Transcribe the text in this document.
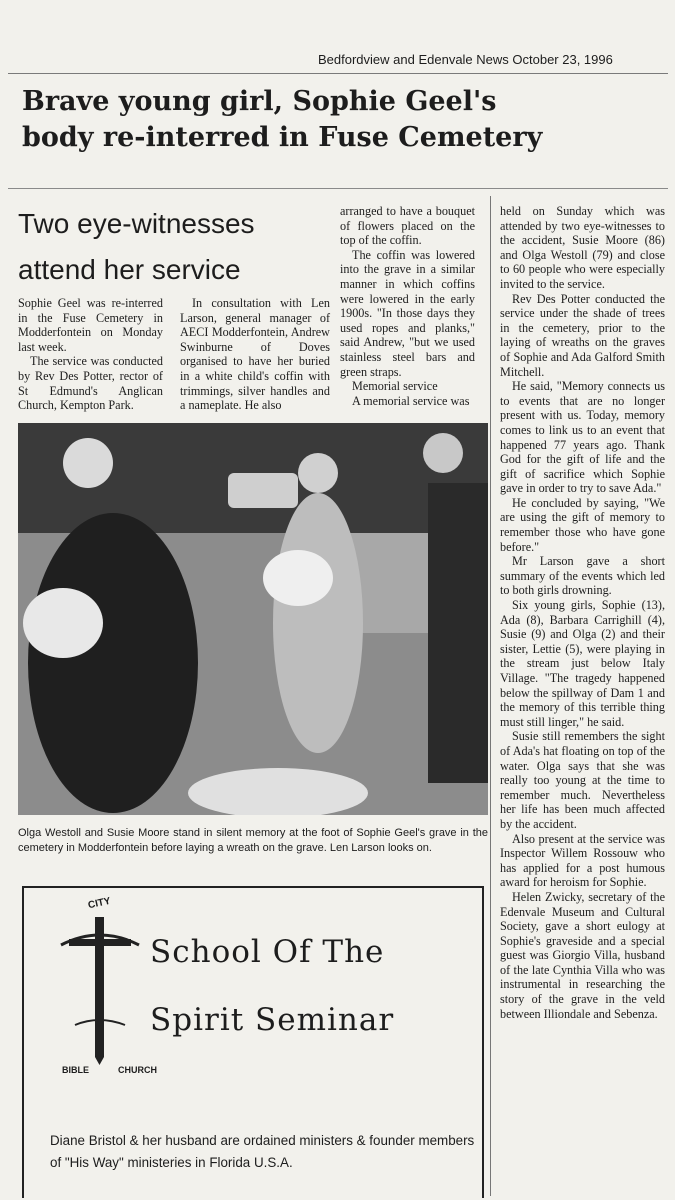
Bedfordview and Edenvale News October 23, 1996
Brave young girl, Sophie Geel's
body re-interred in Fuse Cemetery
Two eye-witnesses
attend her service

Sophie Geel was re-interred in the Fuse Cemetery in Modderfontein on Monday last week.

The service was conducted by Rev Des Potter, rector of St Edmund's Anglican Church, Kempton Park.

In consultation with Len Larson, general manager of AECI Modderfontein, Andrew Swinburne of Doves organised to have her buried in a white child's coffin with trimmings, silver handles and a nameplate. He also

arranged to have a bouquet of flowers placed on the top of the coffin.

The coffin was lowered into the grave in a similar manner in which coffins were lowered in the early 1900s. "In those days they used ropes and planks," said Andrew, "but we used stainless steel bars and green straps.

Memorial service

A memorial service was

held on Sunday which was attended by two eye-witnesses to the accident, Susie Moore (86) and Olga Westoll (79) and close to 60 people who were especially invited to the service.

Rev Des Potter conducted the service under the shade of trees in the cemetery, prior to the laying of wreaths on the graves of Sophie and Ada Galford Smith Mitchell.

He said, "Memory connects us to events that are no longer present with us. Today, memory comes to link us to an event that happened 77 years ago. Thank God for the gift of life and the gift of sacrifice which Sophie gave in order to try to save Ada."

He concluded by saying, "We are using the gift of memory to remember those who have gone before."

Mr Larson gave a short summary of the events which led to both girls drowning.

Six young girls, Sophie (13), Ada (8), Barbara Carrighill (4), Susie (9) and Olga (2) and their sister, Lettie (5), were playing in the stream just below Italy Village. "The tragedy happened below the spillway of Dam 1 and the memory of this terrible thing must still linger," he said.

Susie still remembers the sight of Ada's hat floating on top of the water. Olga says that she was really too young at the time to remember much. Nevertheless her life has been much affected by the accident.

Also present at the service was Inspector Willem Rossouw who has applied for a post humous award for heroism for Sophie.

Helen Zwicky, secretary of the Edenvale Museum and Cultural Society, gave a short eulogy at Sophie's graveside and a special guest was Giorgio Villa, husband of the late Cynthia Villa who was instrumental in researching the story of the grave in the veld between Illiondale and Sebenza.

Olga Westoll and Susie Moore stand in silent memory at the foot of Sophie Geel's grave in the cemetery in Modderfontein before laying a wreath on the grave. Len Larson looks on.
CITY
BIBLE	CHURCH
School Of The
Spirit Seminar
Diane Bristol & her husband are ordained ministers & founder members
of "His Way" ministeries in Florida U.S.A.
